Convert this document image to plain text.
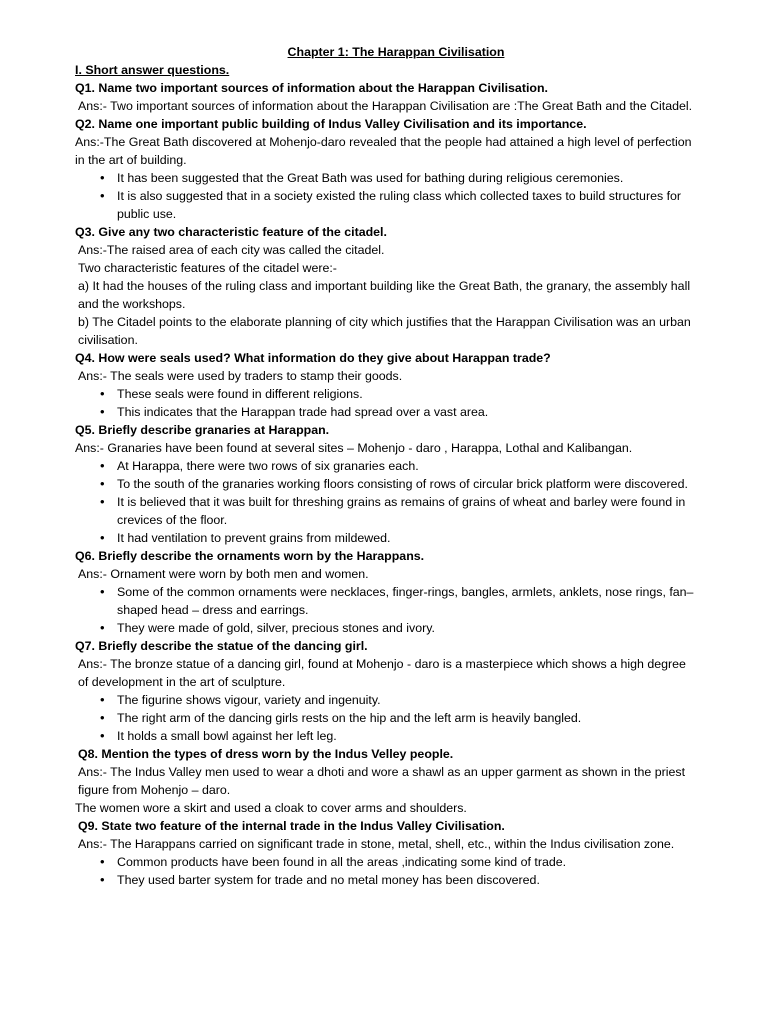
Chapter 1: The Harappan Civilisation

I. Short answer questions.

Q1. Name two important sources of information about the Harappan Civilisation.

Ans:- Two important sources of information about the Harappan Civilisation are :The Great Bath and the Citadel.

Q2. Name one important public building of Indus Valley Civilisation and its importance.

Ans:-The Great Bath discovered at Mohenjo-daro revealed that the people had attained a high level of perfection in the art of building.

• It has been suggested that the Great Bath was used for bathing during religious ceremonies.
• It is also suggested that in a society existed the ruling class which collected taxes to build structures for public use.

Q3. Give any two characteristic feature of the citadel.

Ans:-The raised area of each city was called the citadel.

Two characteristic features of the citadel were:-

a) It had the houses of the ruling class and important building like the Great Bath, the granary, the assembly hall and the workshops.

b) The Citadel points to the elaborate planning of city which justifies that the Harappan Civilisation was an urban civilisation.

Q4. How were seals used? What information do they give about Harappan trade?

Ans:- The seals were used by traders to stamp their goods.

• These seals were found in different religions.
• This indicates that the Harappan trade had spread over a vast area.

Q5. Briefly describe granaries at Harappan.

Ans:- Granaries have been found at several sites – Mohenjo - daro , Harappa, Lothal and Kalibangan.

• At Harappa, there were two rows of six granaries each.
• To the south of the granaries working floors consisting of rows of circular brick platform were discovered.
• It is believed that it was built for threshing grains as remains of grains of wheat and barley were found in crevices of the floor.
• It had ventilation to prevent grains from mildewed.

Q6. Briefly describe the ornaments worn by the Harappans.

Ans:- Ornament were worn by both men and women.

• Some of the common ornaments were necklaces, finger-rings, bangles, armlets, anklets, nose rings, fan–shaped head – dress and earrings.
• They were made of gold, silver, precious stones and ivory.

Q7. Briefly describe the statue of the dancing girl.

Ans:- The bronze statue of a dancing girl, found at Mohenjo - daro is a masterpiece which shows a high degree of development in the art of sculpture.

• The figurine shows vigour, variety and ingenuity.
• The right arm of the dancing girls rests on the hip and the left arm is heavily bangled.
• It holds a small bowl against her left leg.

Q8. Mention the types of dress worn by the Indus Velley people.

Ans:- The Indus Valley men used to wear a dhoti and wore a shawl as an upper garment as shown in the priest figure from Mohenjo – daro.

The women wore a skirt and used a cloak to cover arms and shoulders.

Q9. State two feature of the internal trade in the Indus Valley Civilisation.

Ans:- The Harappans carried on significant trade in stone, metal, shell, etc., within the Indus civilisation zone.

• Common products have been found in all the areas ,indicating some kind of trade.
• They used barter system for trade and no metal money has been discovered.
